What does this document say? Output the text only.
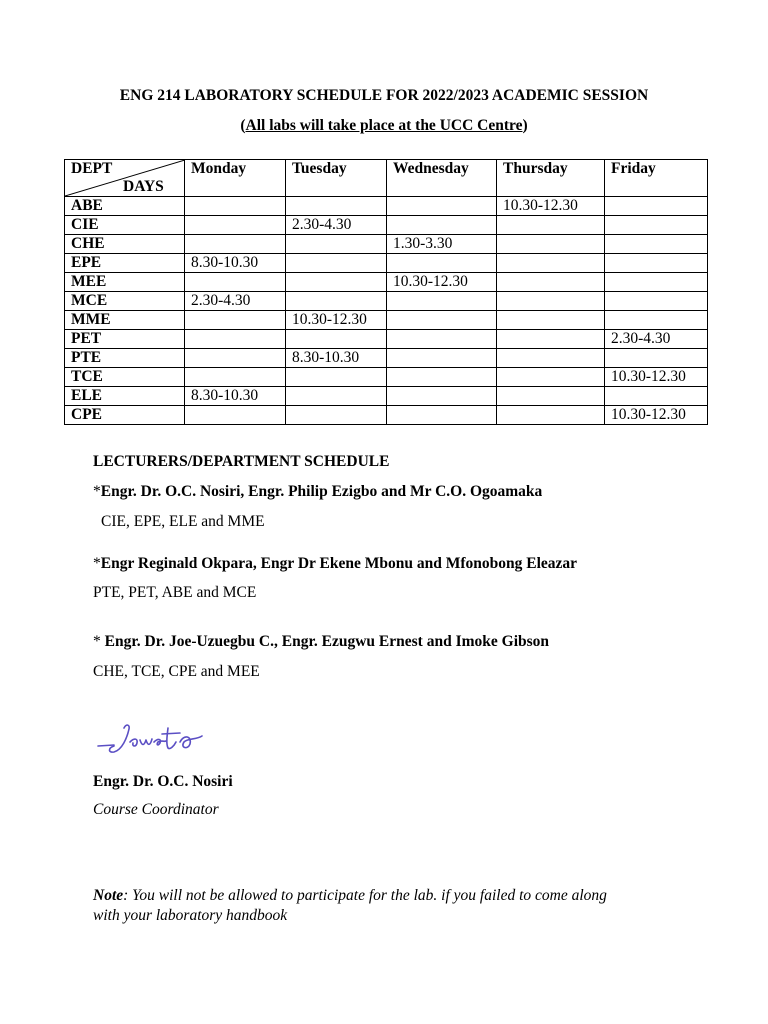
ENG 214 LABORATORY SCHEDULE FOR 2022/2023 ACADEMIC SESSION
(All labs will take place at the UCC Centre)
DEPT
DAYS	Monday	Tuesday	Wednesday	Thursday	Friday
ABE				10.30-12.30	
CIE		2.30-4.30			
CHE			1.30-3.30		
EPE	8.30-10.30				
MEE			10.30-12.30		
MCE	2.30-4.30				
MME		10.30-12.30			
PET					2.30-4.30
PTE		8.30-10.30			
TCE					10.30-12.30
ELE	8.30-10.30				
CPE					10.30-12.30
LECTURERS/DEPARTMENT SCHEDULE
*Engr. Dr. O.C. Nosiri, Engr. Philip Ezigbo and Mr C.O. Ogoamaka
CIE, EPE, ELE and MME
*Engr Reginald Okpara, Engr Dr Ekene Mbonu and Mfonobong Eleazar
PTE, PET, ABE and MCE
* Engr. Dr. Joe-Uzuegbu C., Engr. Ezugwu Ernest and Imoke Gibson
CHE, TCE, CPE and MEE
Engr. Dr. O.C. Nosiri
Course Coordinator
Note: You will not be allowed to participate for the lab. if you failed to come along
with your laboratory handbook
